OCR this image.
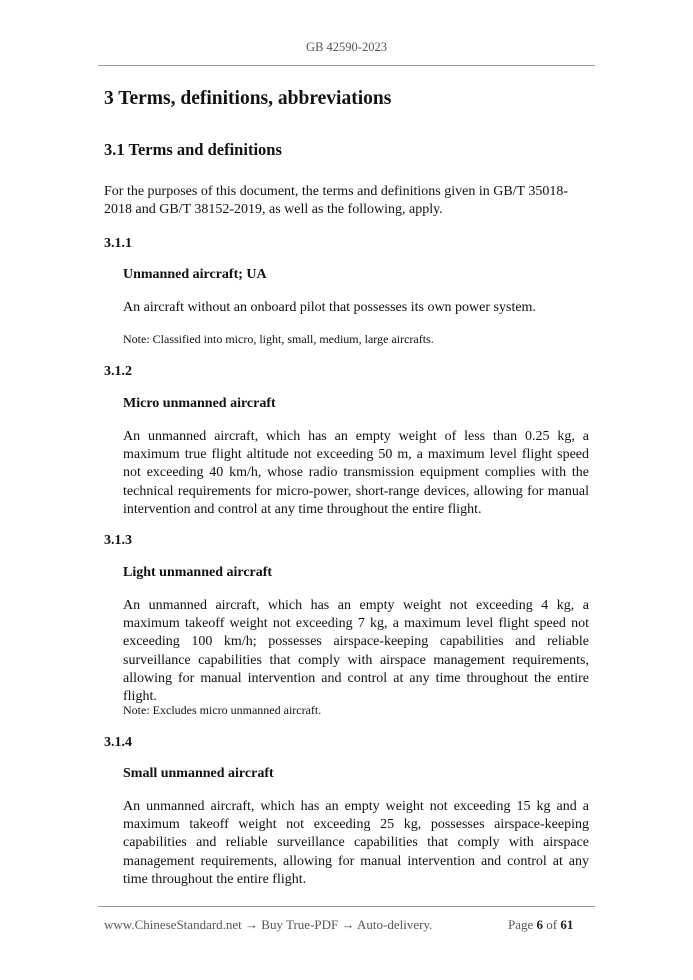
GB 42590-2023
3 Terms, definitions, abbreviations
3.1 Terms and definitions
For the purposes of this document, the terms and definitions given in GB/T 35018-2018 and GB/T 38152-2019, as well as the following, apply.
3.1.1
Unmanned aircraft; UA
An aircraft without an onboard pilot that possesses its own power system.
Note: Classified into micro, light, small, medium, large aircrafts.
3.1.2
Micro unmanned aircraft
An unmanned aircraft, which has an empty weight of less than 0.25 kg, a maximum true flight altitude not exceeding 50 m, a maximum level flight speed not exceeding 40 km/h, whose radio transmission equipment complies with the technical requirements for micro-power, short-range devices, allowing for manual intervention and control at any time throughout the entire flight.
3.1.3
Light unmanned aircraft
An unmanned aircraft, which has an empty weight not exceeding 4 kg, a maximum takeoff weight not exceeding 7 kg, a maximum level flight speed not exceeding 100 km/h; possesses airspace-keeping capabilities and reliable surveillance capabilities that comply with airspace management requirements, allowing for manual intervention and control at any time throughout the entire flight.
Note: Excludes micro unmanned aircraft.
3.1.4
Small unmanned aircraft
An unmanned aircraft, which has an empty weight not exceeding 15 kg and a maximum takeoff weight not exceeding 25 kg, possesses airspace-keeping capabilities and reliable surveillance capabilities that comply with airspace management requirements, allowing for manual intervention and control at any time throughout the entire flight.
www.ChineseStandard.net → Buy True-PDF → Auto-delivery.	Page 6 of 61
